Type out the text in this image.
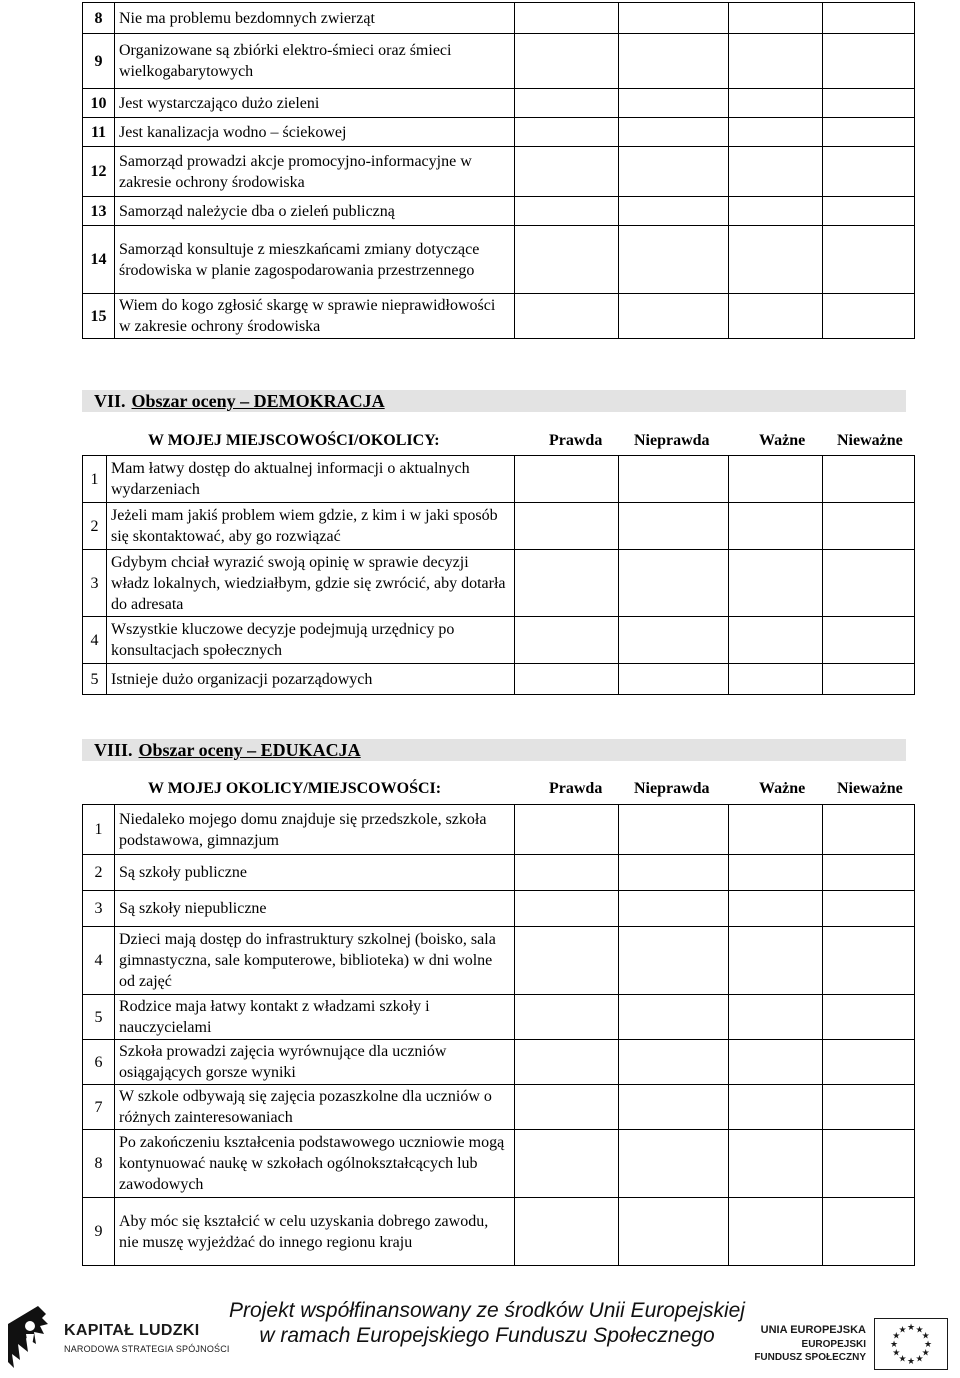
8	Nie ma problemu bezdomnych zwierząt				
9	Organizowane są zbiórki elektro-śmieci oraz śmieci wielkogabarytowych				
10	Jest wystarczająco dużo zieleni				
11	Jest kanalizacja wodno – ściekowej				
12	Samorząd prowadzi akcje promocyjno-informacyjne w zakresie ochrony środowiska				
13	Samorząd należycie dba o zieleń publiczną				
14	Samorząd konsultuje z mieszkańcami zmiany dotyczące środowiska w planie zagospodarowania przestrzennego				
15	Wiem do kogo zgłosić skargę w sprawie nieprawidłowości w zakresie ochrony środowiska				
VII. Obszar oceny – DEMOKRACJA
W MOJEJ MIEJSCOWOŚCI/OKOLICY:	Prawda Nieprawda	Ważne Nieważne
1	Mam łatwy dostęp do aktualnej informacji o aktualnych wydarzeniach				
2	Jeżeli mam jakiś problem wiem gdzie, z kim i w jaki sposób się skontaktować, aby go rozwiązać				
3	Gdybym chciał wyrazić swoją opinię w sprawie decyzji władz lokalnych, wiedziałbym, gdzie się zwrócić, aby dotarła do adresata				
4	Wszystkie kluczowe decyzje podejmują urzędnicy po konsultacjach społecznych				
5	Istnieje dużo organizacji pozarządowych				
VIII. Obszar oceny – EDUKACJA
W MOJEJ OKOLICY/MIEJSCOWOŚCI:	Prawda Nieprawda	Ważne Nieważne
1	Niedaleko mojego domu znajduje się przedszkole, szkoła podstawowa, gimnazjum				
2	Są szkoły publiczne				
3	Są szkoły niepubliczne				
4	Dzieci mają dostęp do infrastruktury szkolnej (boisko, sala gimnastyczna, sale komputerowe, biblioteka) w dni wolne od zajęć				
5	Rodzice maja łatwy kontakt z władzami szkoły i nauczycielami				
6	Szkoła prowadzi zajęcia wyrównujące dla uczniów osiągających gorsze wyniki				
7	W szkole odbywają się zajęcia pozaszkolne dla uczniów o różnych zainteresowaniach				
8	Po zakończeniu kształcenia podstawowego uczniowie mogą kontynuować naukę w szkołach ogólnokształcących lub zawodowych				
9	Aby móc się kształcić w celu uzyskania dobrego zawodu, nie muszę wyjeżdżać do innego regionu kraju				
KAPITAŁ LUDZKI
NARODOWA STRATEGIA SPÓJNOŚCI
Projekt współfinansowany ze środków Unii Europejskiej
w ramach Europejskiego Funduszu Społecznego	UNIA EUROPEJSKA
EUROPEJSKI
FUNDUSZ SPOŁECZNY
★ ★
★
★
★
★
★
★
★
★
★
★
